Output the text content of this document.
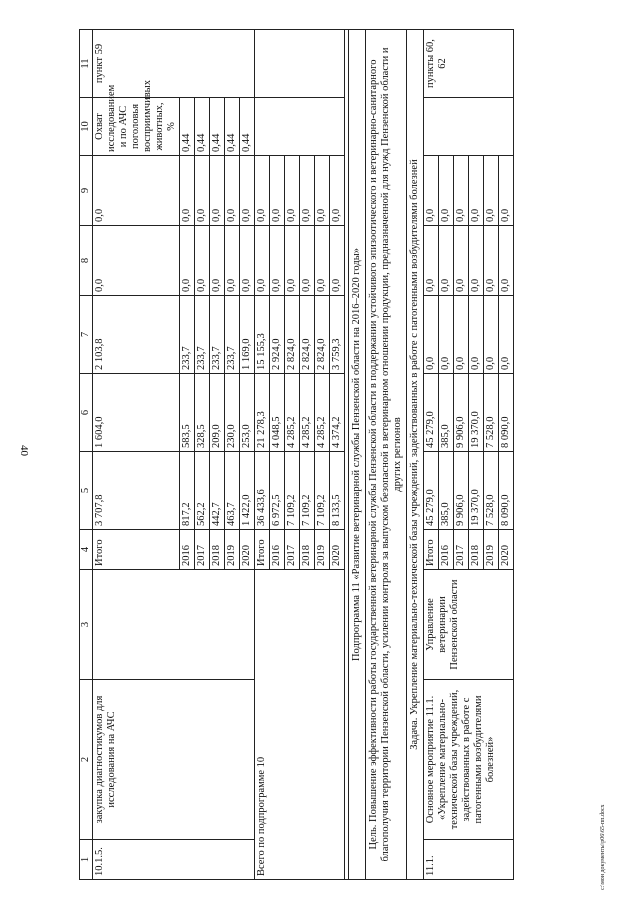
40
c:\мои документы\p06\65-пп.docx
1	2	3	4	5	6	7	8	9	10	11
10.1.5.	закупка диагностикумов для исследования на АЧС		Итого	3 707,8	1 604,0	2 103,8	0,0	0,0	Охват исследованием и по АЧС поголовья восприимчивых животных, %	пункт 59
			2016	817,2	583,5	233,7	0,0	0,0	0,44	
			2017	562,2	328,5	233,7	0,0	0,0	0,44	
			2018	442,7	209,0	233,7	0,0	0,0	0,44	
			2019	463,7	230,0	233,7	0,0	0,0	0,44	
			2020	1 422,0	253,0	1 169,0	0,0	0,0	0,44	
Всего по подпрограмме 10			Итого	36 433,6	21 278,3	15 155,3	0,0	0,0		
			2016	6 972,5	4 048,5	2 924,0	0,0	0,0		
			2017	7 109,2	4 285,2	2 824,0	0,0	0,0		
			2018	7 109,2	4 285,2	2 824,0	0,0	0,0		
			2019	7 109,2	4 285,2	2 824,0	0,0	0,0		
			2020	8 133,5	4 374,2	3 759,3	0,0	0,0		

Подпрограмма 11 «Развитие ветеринарной службы Пензенской области на 2016–2020 годы»										
Цель. Повышение эффективности работы государственной ветеринарной службы Пензенской области в поддержании устойчивого эпизоотического и ветеринарно-санитарного благополучия территории Пензенской области, усилении контроля за выпуском безопасной в ветеринарном отношении продукции, предназначенной для нужд Пензенской области и других регионов										
Задача. Укрепление материально-технической базы учреждений, задействованных в работе с патогенными возбудителями болезней										
11.1.	Основное мероприятие 11.1. «Укрепление материально-технической базы учреждений, задействованных в работе с патогенными возбудителями болезней»	Управление ветеринарии Пензенской области	Итого	45 279,0	45 279,0	0,0	0,0	0,0		пункты 60, 62
			2016	385,0	385,0	0,0	0,0	0,0		
			2017	9 906,0	9 906,0	0,0	0,0	0,0		
			2018	19 370,0	19 370,0	0,0	0,0	0,0		
			2019	7 528,0	7 528,0	0,0	0,0	0,0		
			2020	8 090,0	8 090,0	0,0	0,0	0,0		
